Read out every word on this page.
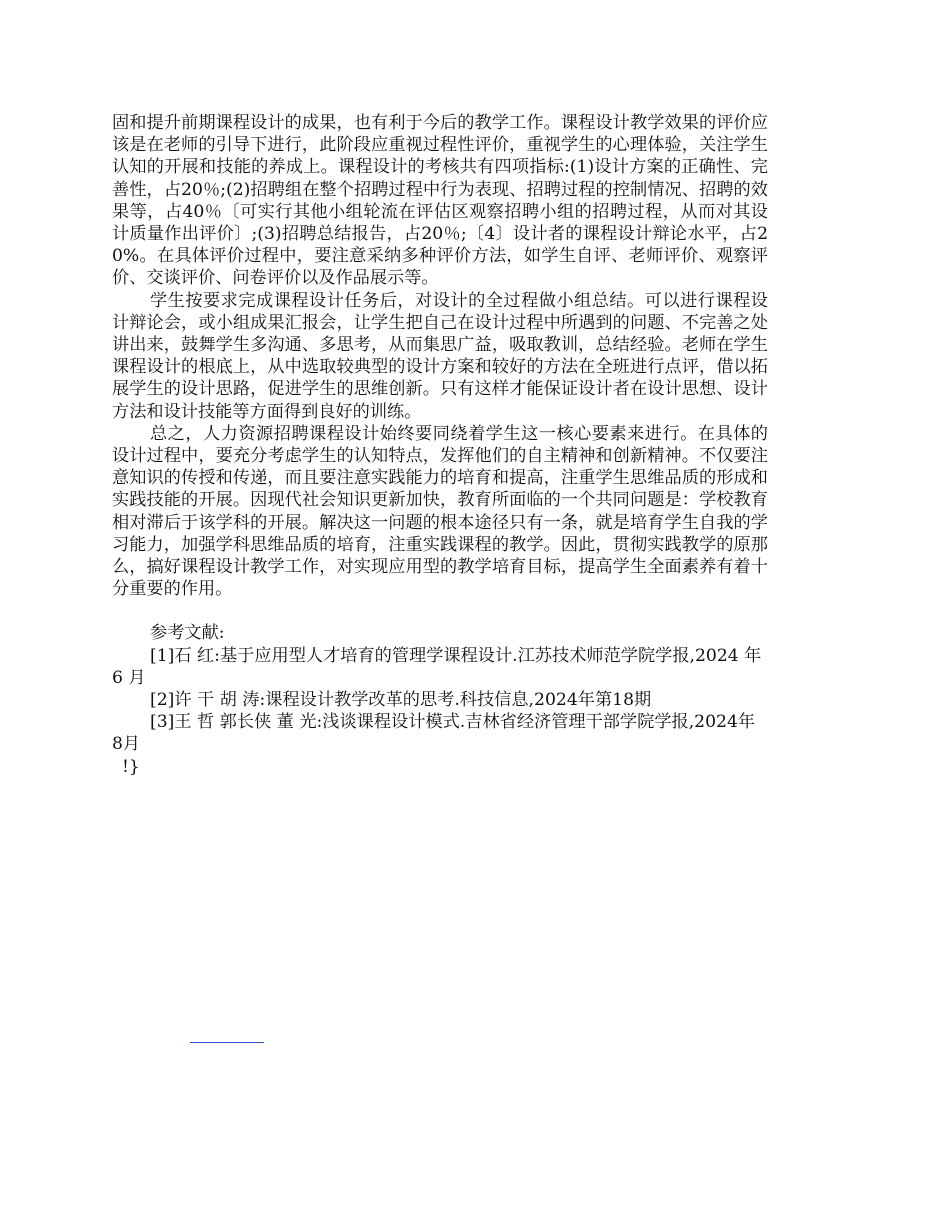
固和提升前期课程设计的成果，也有利于今后的教学工作。课程设计教学效果的评价应该是在老师的引导下进行，此阶段应重视过程性评价，重视学生的心理体验，关注学生认知的开展和技能的养成上。课程设计的考核共有四项指标:(1)设计方案的正确性、完善性，占20％;(2)招聘组在整个招聘过程中行为表现、招聘过程的控制情况、招聘的效果等，占40％〔可实行其他小组轮流在评估区观察招聘小组的招聘过程，从而对其设计质量作出评价〕;(3)招聘总结报告，占20％;〔4〕设计者的课程设计辩论水平，占20%。在具体评价过程中，要注意采纳多种评价方法，如学生自评、老师评价、观察评价、交谈评价、问卷评价以及作品展示等。

学生按要求完成课程设计任务后，对设计的全过程做小组总结。可以进行课程设计辩论会，或小组成果汇报会，让学生把自己在设计过程中所遇到的问题、不完善之处讲出来，鼓舞学生多沟通、多思考，从而集思广益，吸取教训，总结经验。老师在学生课程设计的根底上，从中选取较典型的设计方案和较好的方法在全班进行点评，借以拓展学生的设计思路，促进学生的思维创新。只有这样才能保证设计者在设计思想、设计方法和设计技能等方面得到良好的训练。

总之，人力资源招聘课程设计始终要同绕着学生这一核心要素来进行。在具体的设计过程中，要充分考虑学生的认知特点，发挥他们的自主精神和创新精神。不仅要注意知识的传授和传递，而且要注意实践能力的培育和提高，注重学生思维品质的形成和实践技能的开展。因现代社会知识更新加快，教育所面临的一个共同问题是：学校教育相对滞后于该学科的开展。解决这一问题的根本途径只有一条，就是培育学生自我的学习能力，加强学科思维品质的培育，注重实践课程的教学。因此，贯彻实践教学的原那么，搞好课程设计教学工作，对实现应用型的教学培育目标，提高学生全面素养有着十分重要的作用。

参考文献:

[1]石 红:基于应用型人才培育的管理学课程设计.江苏技术师范学院学报,2024 年 6 月

[2]许 干 胡 涛:课程设计教学改革的思考.科技信息,2024年第18期

[3]王 哲 郭长侠 董 光:浅谈课程设计模式.吉林省经济管理干部学院学报,2024年 8月

!}
